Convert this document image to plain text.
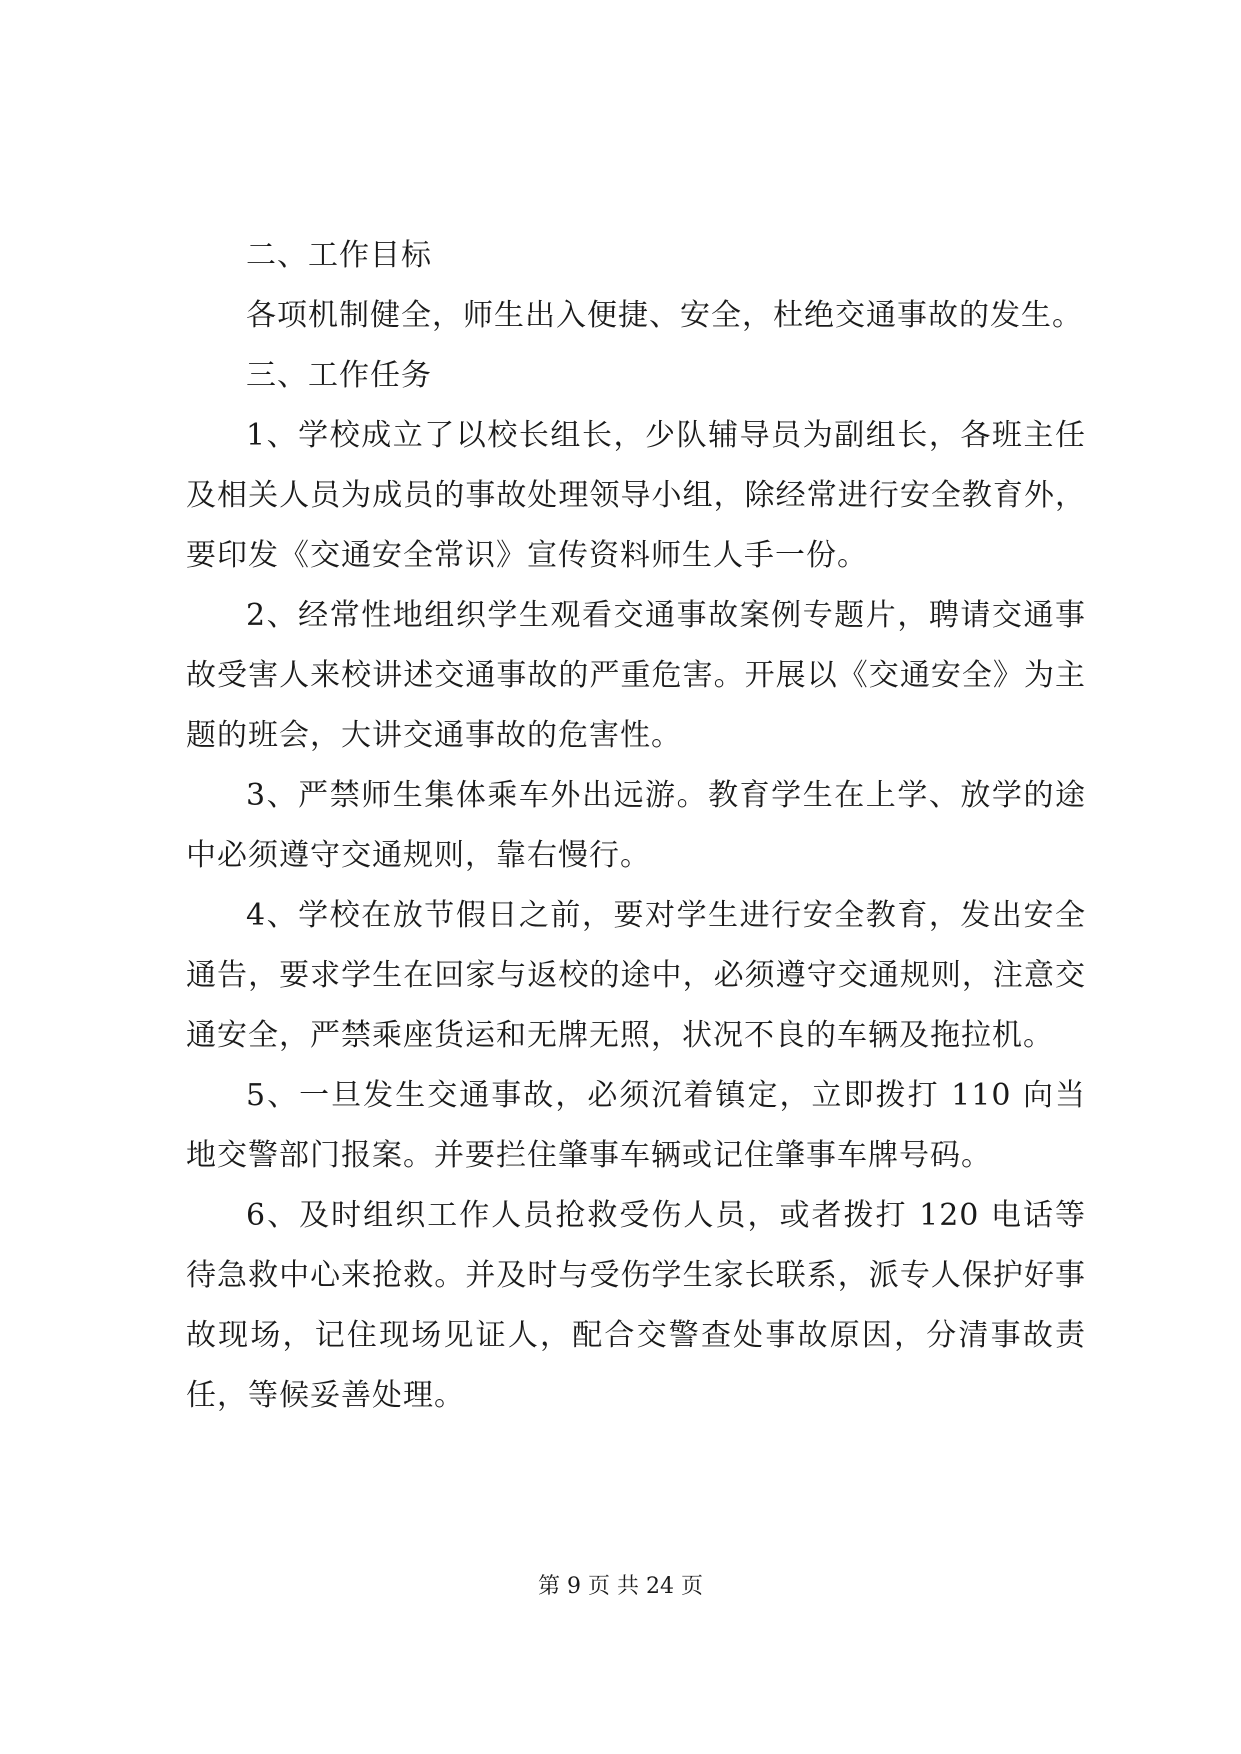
二、工作目标

各项机制健全，师生出入便捷、安全，杜绝交通事故的发生。

三、工作任务

1、学校成立了以校长组长，少队辅导员为副组长，各班主任及相关人员为成员的事故处理领导小组，除经常进行安全教育外，要印发《交通安全常识》宣传资料师生人手一份。

2、经常性地组织学生观看交通事故案例专题片，聘请交通事故受害人来校讲述交通事故的严重危害。开展以《交通安全》为主题的班会，大讲交通事故的危害性。

3、严禁师生集体乘车外出远游。教育学生在上学、放学的途中必须遵守交通规则，靠右慢行。

4、学校在放节假日之前，要对学生进行安全教育，发出安全通告，要求学生在回家与返校的途中，必须遵守交通规则，注意交通安全，严禁乘座货运和无牌无照，状况不良的车辆及拖拉机。

5、一旦发生交通事故，必须沉着镇定，立即拨打 110 向当地交警部门报案。并要拦住肇事车辆或记住肇事车牌号码。

6、及时组织工作人员抢救受伤人员，或者拨打 120 电话等待急救中心来抢救。并及时与受伤学生家长联系，派专人保护好事故现场，记住现场见证人，配合交警查处事故原因，分清事故责任，等候妥善处理。

第 9 页 共 24 页
